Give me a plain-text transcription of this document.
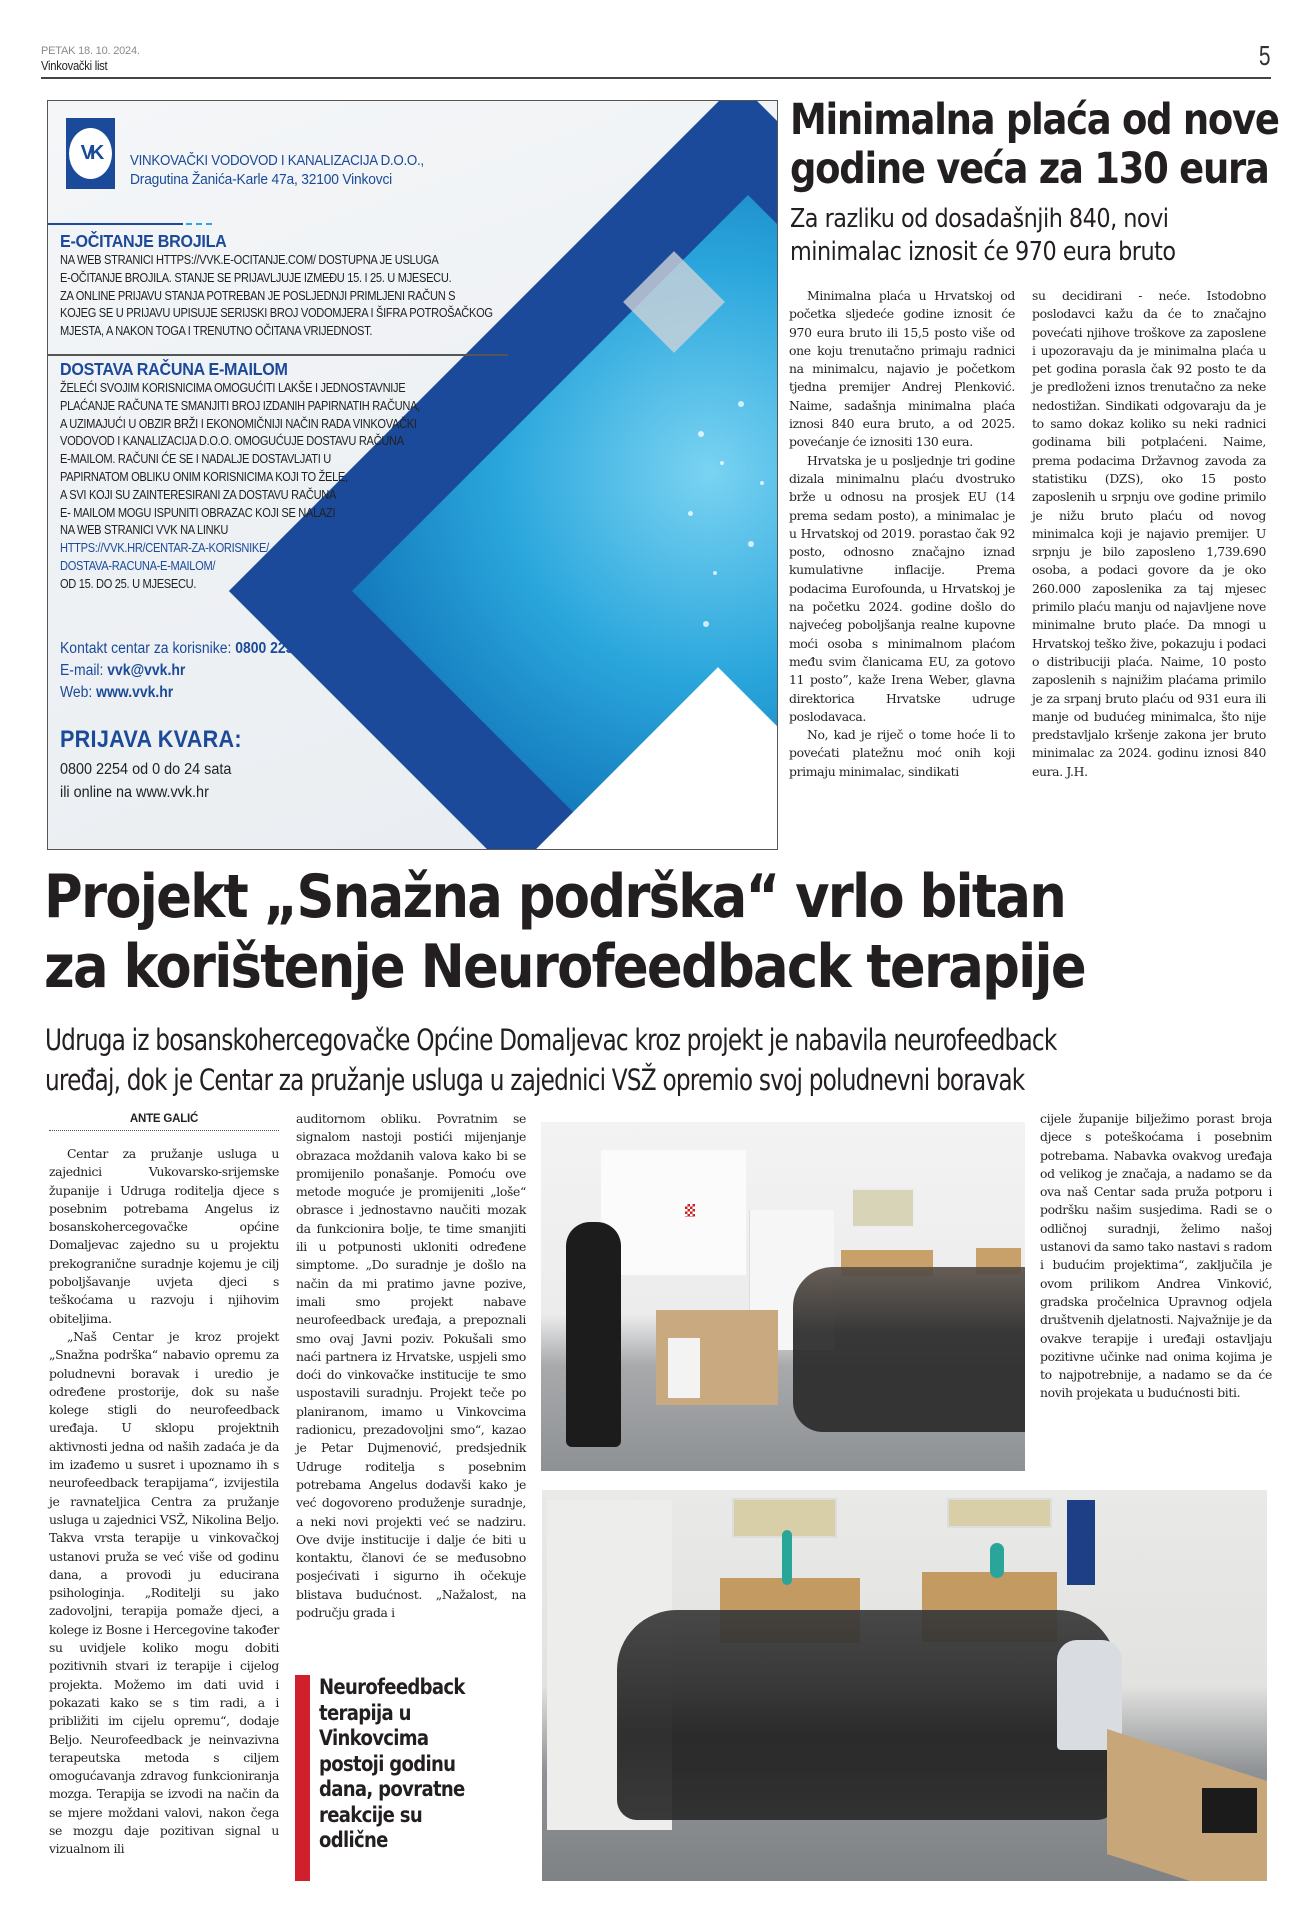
PETAK 18. 10. 2024.
Vinkovački list	5
VK	VINKOVAČKI VODOVOD I KANALIZACIJA D.O.O.,
Dragutina Žanića-Karle 47a, 32100 Vinkovci
E-OČITANJE BROJILA
NA WEB STRANICI HTTPS://VVK.E-OCITANJE.COM/ DOSTUPNA JE USLUGA
E-OČITANJE BROJILA. STANJE SE PRIJAVLJUJE IZMEĐU 15. I 25. U MJESECU.
ZA ONLINE PRIJAVU STANJA POTREBAN JE POSLJEDNJI PRIMLJENI RAČUN S
KOJEG SE U PRIJAVU UPISUJE SERIJSKI BROJ VODOMJERA I ŠIFRA POTROŠAČKOG
MJESTA, A NAKON TOGA I TRENUTNO OČITANA VRIJEDNOST.
DOSTAVA RAČUNA E-MAILOM
ŽELEĆI SVOJIM KORISNICIMA OMOGUĆITI LAKŠE I JEDNOSTAVNIJE
PLAĆANJE RAČUNA TE SMANJITI BROJ IZDANIH PAPIRNATIH RAČUNA,
A UZIMAJUĆI U OBZIR BRŽI I EKONOMIČNIJI NAČIN RADA VINKOVAČKI
VODOVOD I KANALIZACIJA D.O.O. OMOGUĆUJE DOSTAVU RAČUNA
E-MAILOM. RAČUNI ĆE SE I NADALJE DOSTAVLJATI U
PAPIRNATOM OBLIKU ONIM KORISNICIMA KOJI TO ŽELE,
A SVI KOJI SU ZAINTERESIRANI ZA DOSTAVU RAČUNA
E- MAILOM MOGU ISPUNITI OBRAZAC KOJI SE NALAZI
NA WEB STRANICI VVK NA LINKU
HTTPS://VVK.HR/CENTAR-ZA-KORISNIKE/
DOSTAVA-RACUNA-E-MAILOM/
OD 15. DO 25. U MJESECU.
Kontakt centar za korisnike: 0800 2254
E-mail: vvk@vvk.hr
Web: www.vvk.hr
PRIJAVA KVARA:
0800 2254 od 0 do 24 sata
ili online na www.vvk.hr
Minimalna plaća od nove
godine veća za 130 eura
Za razliku od dosadašnjih 840, novi
minimalac iznosit će 970 eura bruto

Minimalna plaća u Hrvatskoj od početka sljedeće godine iznosit će 970 eura bruto ili 15,5 posto više od one koju trenutačno primaju radnici na minimalcu, najavio je početkom tjedna premijer Andrej Plenković. Naime, sadašnja minimalna plaća iznosi 840 eura bruto, a od 2025. povećanje će iznositi 130 eura.

Hrvatska je u posljednje tri godine dizala minimalnu plaću dvostruko brže u odnosu na prosjek EU (14 prema sedam posto), a minimalac je u Hrvatskoj od 2019. porastao čak 92 posto, odnosno značajno iznad kumulativne inflacije. Prema podacima Eurofounda, u Hrvatskoj je na početku 2024. godine došlo do najvećeg poboljšanja realne kupovne moći osoba s minimalnom plaćom među svim članicama EU, za gotovo 11 posto”, kaže Irena Weber, glavna direktorica Hrvatske udruge poslodavaca.

No, kad je riječ o tome hoće li to povećati platežnu moć onih koji primaju minimalac, sindikati

su decidirani - neće. Istodobno poslodavci kažu da će to značajno povećati njihove troškove za zaposlene i upozoravaju da je minimalna plaća u pet godina porasla čak 92 posto te da je predloženi iznos trenutačno za neke nedostižan. Sindikati odgovaraju da je to samo dokaz koliko su neki radnici godinama bili potplaćeni. Naime, prema podacima Državnog zavoda za statistiku (DZS), oko 15 posto zaposlenih u srpnju ove godine primilo je nižu bruto plaću od novog minimalca koji je najavio premijer. U srpnju je bilo zaposleno 1,739.690 osoba, a podaci govore da je oko 260.000 zaposlenika za taj mjesec primilo plaću manju od najavljene nove minimalne bruto plaće. Da mnogi u Hrvatskoj teško žive, pokazuju i podaci o distribuciji plaća. Naime, 10 posto zaposlenih s najnižim plaćama primilo je za srpanj bruto plaću od 931 eura ili manje od budućeg minimalca, što nije predstavljalo kršenje zakona jer bruto minimalac za 2024. godinu iznosi 840 eura. J.H.

Projekt „Snažna podrška“ vrlo bitan
za korištenje Neurofeedback terapije
Udruga iz bosanskohercegovačke Općine Domaljevac kroz projekt je nabavila neurofeedback
uređaj, dok je Centar za pružanje usluga u zajednici VSŽ opremio svoj poludnevni boravak
ANTE GALIĆ

Centar za pružanje usluga u zajednici Vukovarsko-srijemske županije i Udruga roditelja djece s posebnim potrebama Angelus iz bosanskohercegovačke općine Domaljevac zajedno su u projektu prekogranične suradnje kojemu je cilj poboljšavanje uvjeta djeci s teškoćama u razvoju i njihovim obiteljima.

„Naš Centar je kroz projekt „Snažna podrška“ nabavio opremu za poludnevni boravak i uredio je određene prostorije, dok su naše kolege stigli do neurofeedback uređaja. U sklopu projektnih aktivnosti jedna od naših zadaća je da im izađemo u susret i upoznamo ih s neurofeedback terapijama“, izvijestila je ravnateljica Centra za pružanje usluga u zajednici VSŽ, Nikolina Beljo. Takva vrsta terapije u vinkovačkoj ustanovi pruža se već više od godinu dana, a provodi ju educirana psihologinja. „Roditelji su jako zadovoljni, terapija pomaže djeci, a kolege iz Bosne i Hercegovine također su uvidjele koliko mogu dobiti pozitivnih stvari iz terapije i cijelog projekta. Možemo im dati uvid i pokazati kako se s tim radi, a i približiti im cijelu opremu“, dodaje Beljo. Neurofeedback je neinvazivna terapeutska metoda s ciljem omogućavanja zdravog funkcioniranja mozga. Terapija se izvodi na način da se mjere moždani valovi, nakon čega se mozgu daje pozitivan signal u vizualnom ili

auditornom obliku. Povratnim se signalom nastoji postići mijenjanje obrazaca moždanih valova kako bi se promijenilo ponašanje. Pomoću ove metode moguće je promijeniti „loše“ obrasce i jednostavno naučiti mozak da funkcionira bolje, te time smanjiti ili u potpunosti ukloniti određene simptome. „Do suradnje je došlo na način da mi pratimo javne pozive, imali smo projekt nabave neurofeedback uređaja, a prepoznali smo ovaj Javni poziv. Pokušali smo naći partnera iz Hrvatske, uspjeli smo doći do vinkovačke institucije te smo uspostavili suradnju. Projekt teče po planiranom, imamo u Vinkovcima radionicu, prezadovoljni smo“, kazao je Petar Dujmenović, predsjednik Udruge roditelja s posebnim potrebama Angelus dodavši kako je već dogovoreno produženje suradnje, a neki novi projekti već se nadziru. Ove dvije institucije i dalje će biti u kontaktu, članovi će se međusobno posjećivati i sigurno ih očekuje blistava budućnost. „Nažalost, na području grada i

cijele županije bilježimo porast broja djece s poteškoćama i posebnim potrebama. Nabavka ovakvog uređaja od velikog je značaja, a nadamo se da ova naš Centar sada pruža potporu i podršku našim susjedima. Radi se o odličnoj suradnji, želimo našoj ustanovi da samo tako nastavi s radom i budućim projektima“, zaključila je ovom prilikom Andrea Vinković, gradska pročelnica Upravnog odjela društvenih djelatnosti. Najvažnije je da ovakve terapije i uređaji ostavljaju pozitivne učinke nad onima kojima je to najpotrebnije, a nadamo se da će novih projekata u budućnosti biti.

Neurofeedback
terapija u
Vinkovcima
postoji godinu
dana, povratne
reakcije su
odlične
